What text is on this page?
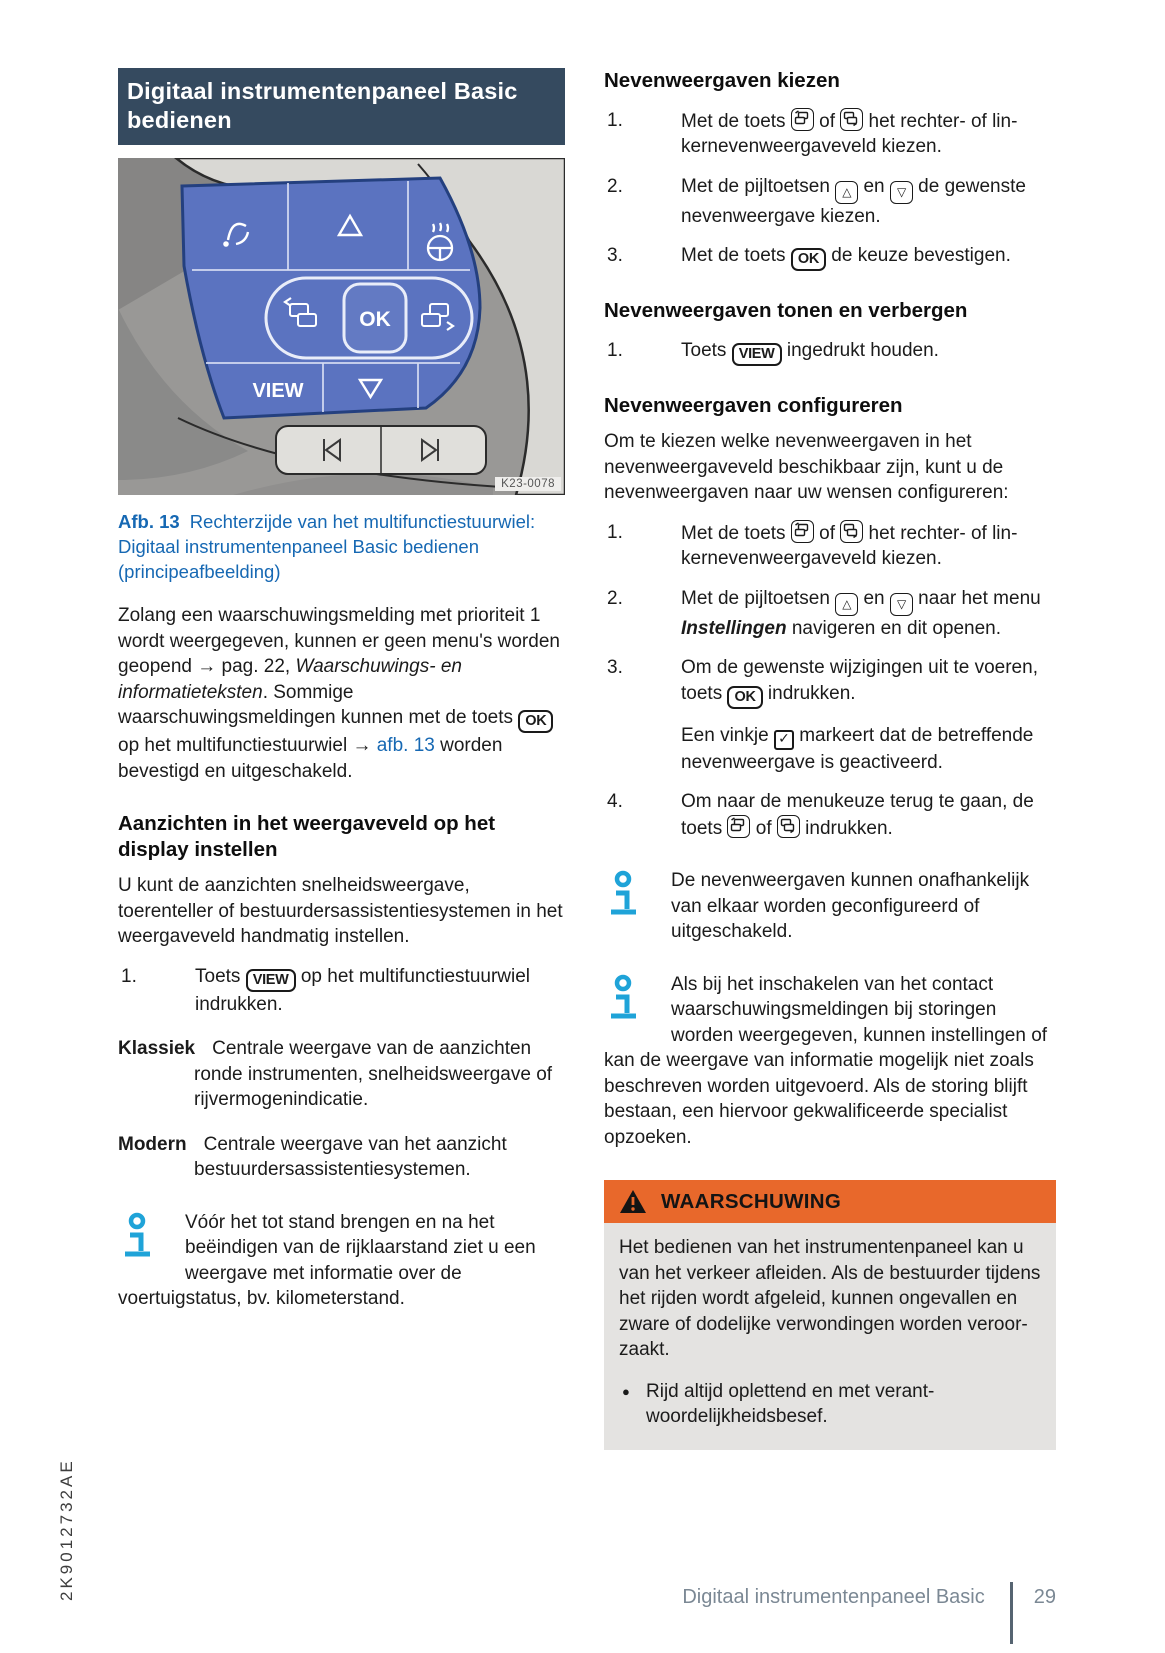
2K9012732AE
Digitaal instrumentenpaneel Basic bedienen
OK
VIEW
K23-0078

Afb. 13 Rechterzijde van het multifunctiestuurwiel: Digitaal instrumentenpaneel Basic bedienen (principeafbeelding)

Zolang een waarschuwingsmelding met prioriteit 1 wordt weergegeven, kunnen er geen menu's worden geopend → pag. 22, Waarschuwings- en informatieteksten. Sommige waarschuwingsmeldingen kunnen met de toets OK op het multifunctiestuurwiel → afb. 13 worden bevestigd en uitgeschakeld.

Aanzichten in het weergaveveld op het display instellen

U kunt de aanzichten snelheidsweergave, toerenteller of bestuurdersassistentiesystemen in het weergaveveld handmatig instellen.

1.	Toets VIEW op het multifunctiestuurwiel indrukken.
Klassiek Centrale weergave van de aanzichten ronde instrumenten, snelheidsweergave of rijvermogenindicatie.
Modern Centrale weergave van het aanzicht bestuurdersassistentiesystemen.
Vóór het tot stand brengen en na het beëindigen van de rijklaarstand ziet u een weergave met informatie over de voertuigstatus, bv. kilometerstand.
Nevenweergaven kiezen
1.	Met de toets
of
het rechter- of linkernevenweergaveveld kiezen.
2.	Met de pijltoetsen △ en ▽ de gewenste nevenweergave kiezen.
3.	Met de toets OK de keuze bevestigen.
Nevenweergaven tonen en verbergen
1.	Toets VIEW ingedrukt houden.
Nevenweergaven configureren

Om te kiezen welke nevenweergaven in het nevenweergaveveld beschikbaar zijn, kunt u de nevenweergaven naar uw wensen configureren:

1.	Met de toets
of
het rechter- of linkernevenweergaveveld kiezen.
2.	Met de pijltoetsen △ en ▽ naar het menu Instellingen navigeren en dit openen.
3.	Om de gewenste wijzigingen uit te voeren, toets OK indrukken.
Een vinkje ✓ markeert dat de betreffende nevenweergave is geactiveerd.
4.	Om naar de menukeuze terug te gaan, de toets
of
indrukken.
De nevenweergaven kunnen onafhankelijk van elkaar worden geconfigureerd of uitgeschakeld.
Als bij het inschakelen van het contact waarschuwingsmeldingen bij storingen worden weergegeven, kunnen instellingen of kan de weergave van informatie mogelijk niet zoals beschreven worden uitgevoerd. Als de storing blijft bestaan, een hiervoor gekwalificeerde specialist opzoeken.
WAARSCHUWING

Het bedienen van het instrumentenpaneel kan u van het verkeer afleiden. Als de bestuurder tijdens het rijden wordt afgeleid, kunnen ongevallen en zware of dodelijke verwondingen worden veroorzaakt.

● Rijd altijd oplettend en met verantwoordelijkheidsbesef.
Digitaal instrumentenpaneel Basic 29
